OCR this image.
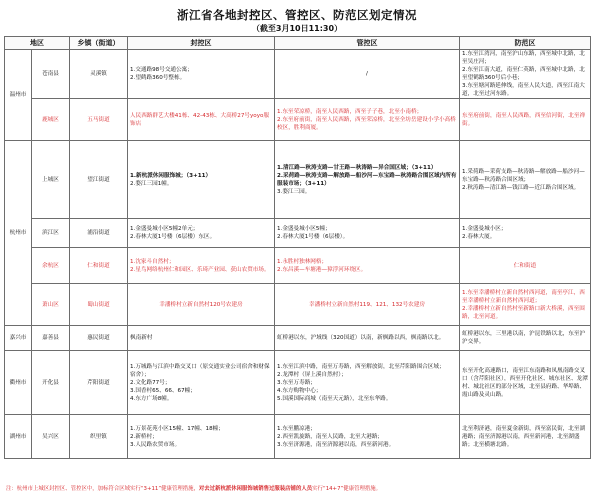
浙江省各地封控区、管控区、防范区划定情况
（截至3月10日11:30）
地区		乡镇（街道）	封控区	管控区	防范区
温州市	苍南县	灵溪镇	1.交通路98号交通公寓；
2.望鹤路360号整栋。	/	1.东至江湾河，南至沪山东路，西至城中北路，北至吴庄河；
2.东至江南大道，南至仁英路，西至城中北路，北至望鹤路360号后小巷；
3.东至塘河路延伸线，南至人民大道，西至江南大道，北至过河东路。

	鹿城区	五马街道	人民西路群艺大楼41栋、42-43栋、大高桥27号yoyo服饰店	1.东至荣凉桥，南至人民西路，西至子子巷，北至小南桥；
2.东至府前街，南至人民西路，西至荣凉桥，北至全坊岳建设小学小高桥校区，胜利商厦。	东至府前街，南至人民西路，西至信河街，北至禅街。

杭州市	上城区	望江街道	1.新杭派休闲服饰城；（3+11）
2.婺江三园1幢。	1.清江路—秋涛支路—甘王路—秋涛路—异合国区域；（3+11）
2.采荷路—秋涛支路—解放路—船沙河—东宝路—秋涛路合围区域内所有服装市场；（3+11）
3.婺江三园。	1.采荷路—采荷支路—秋涛路—解放路—船沙河—东宝路—秋涛路合围区域；
2.秋涛路—清江路—钱江路—近江路合围区域。

	滨江区	浦沿街道	1.金盛曼城小区5幢2单元；
2.春林大厦1号楼（6层楼）东区。	1.金盛曼城小区5幢；
2.春林大厦1号楼（6层楼）。	1.金盛曼城小区；
2.春林大厦。

	余杭区	仁和街道	1.沈家斗自然村；
2.星鸟网络杭州仁和园区、乐琦产业园、获山农贸市场。	1.永胜村独林网格；
2.东昌溪—车塘港—獐浮河环绕区。	仁和街道

	萧山区	蜀山街道	幸潘桥村立新自然村120号农建房	幸潘桥村立新自然村119、121、132号农建房	1.东至幸潘桥村立新自然村西河道，南至亭江，西至幸潘桥村立新自然村西河道；
2.幸潘桥村立新自然村至新路口新大桥溪，西至围路，北至河道。

嘉兴市	嘉善县	惠民街道	枫南新村	虹桥港以东，沪域线（320国道）以南，新枫路以西，枫南路以北。	虹桥港以东，三里港以南，沪昆铁路以北，东至沪沪交界。

衢州市	开化县	芹阳街道	1.万城路与江滨中路交叉口（原交通实业公司宿舍和财保宿舍）；
2.文化路77号；
3.国香村65、66、67幢；
4.东方广场8幢。	1.东至江滨中路，南至万寿路，西至解放街，北至芹阳路围合区域；
2.龙潭村（屏上溪自然村）；
3.东至万寿路；
4.东方购物中心；
5.国溪国际商城（南至天元路），北至东华路。	东至开化高速路口，南至江东南路和凤凰南路交叉口（含芹阳社区），西至开化社区、城东社区、龙潭村、城北社区的部分区域，北至县府路、华埠路、霞山路及灵山路。

湖州市	吴兴区	织里镇	1.万景花苑小区15幢、17幢、18幢；
2.新桥村；
3.人民路农贸市场。	1.东至鹏凉港；
2.西至凯旋路，南至人民路，北至大港路；
3.东至济源港，南至济源港以南，西至新河港。	北至利济港，南至夏金新街，西至富民街，北至湖港路；南至济源港以南，西至新河港，北至湖盛路；北至横塘北路。
注：杭州市上城区封控区、管控区中，加标符合区域实行“3+11”健康管理措施，对去过新杭派休闲服饰城销售过服装店铺的人员实行“14+7”健康管理措施。
